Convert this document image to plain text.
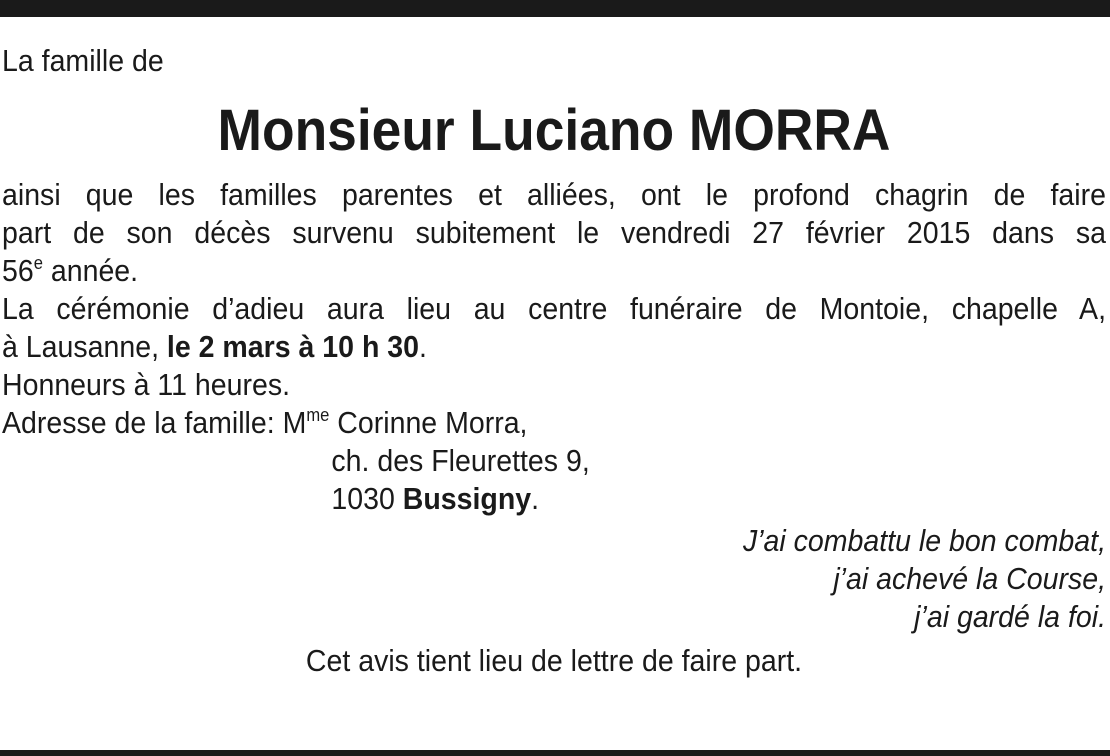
La famille de

Monsieur Luciano MORRA
ainsi que les familles parentes et alliées, ont le profond chagrin de faire
part de son décès survenu subitement le vendredi 27 février 2015 dans sa
56e année.
La cérémonie d’adieu aura lieu au centre funéraire de Montoie, chapelle A,
à Lausanne, le 2 mars à 10 h 30.
Honneurs à 11 heures.
Adresse de la famille: $M^{me}$ Corinne Morra,
ch. des Fleurettes 9,
1030 Bussigny.
J’ai combattu le bon combat,
j’ai achevé la Course,
j’ai gardé la foi.
Cet avis tient lieu de lettre de faire part.
